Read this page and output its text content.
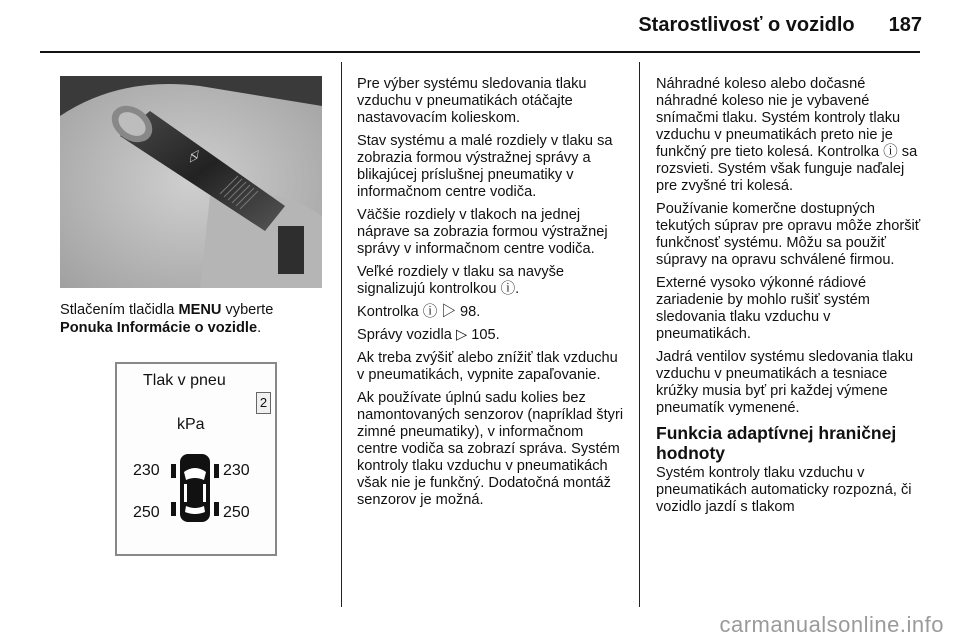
Starostlivosť o vozidlo 187
◁▷
Stlačením tlačidla MENU vyberte
Ponuka Informácie o vozidle.
Tlak v pneu
2
kPa
230	230
250	250

Pre výber systému sledovania tlaku vzduchu v pneumatikách otáčajte nastavovacím kolieskom.

Stav systému a malé rozdiely v tlaku sa zobrazia formou výstražnej správy a blikajúcej príslušnej pneumatiky v informačnom centre vodiča.

Väčšie rozdiely v tlakoch na jednej náprave sa zobrazia formou výstražnej správy v informačnom centre vodiča.

Veľké rozdiely v tlaku sa navyše signalizujú kontrolkou ⓘ.

Kontrolka ⓘ ▷ 98.

Správy vozidla ▷ 105.

Ak treba zvýšiť alebo znížiť tlak vzduchu v pneumatikách, vypnite zapaľovanie.

Ak používate úplnú sadu kolies bez namontovaných senzorov (napríklad štyri zimné pneumatiky), v informačnom centre vodiča sa zobrazí správa. Systém kontroly tlaku vzduchu v pneumatikách však nie je funkčný. Dodatočná montáž senzorov je možná.

Náhradné koleso alebo dočasné náhradné koleso nie je vybavené snímačmi tlaku. Systém kontroly tlaku vzduchu v pneumatikách preto nie je funkčný pre tieto kolesá. Kontrolka ⓘ sa rozsvieti. Systém však funguje naďalej pre zvyšné tri kolesá.

Používanie komerčne dostupných tekutých súprav pre opravu môže zhoršiť funkčnosť systému. Môžu sa použiť súpravy na opravu schválené firmou.

Externé vysoko výkonné rádiové zariadenie by mohlo rušiť systém sledovania tlaku vzduchu v pneumatikách.

Jadrá ventilov systému sledovania tlaku vzduchu v pneumatikách a tesniace krúžky musia byť pri každej výmene pneumatík vymenené.

Funkcia adaptívnej hraničnej hodnoty

Systém kontroly tlaku vzduchu v pneumatikách automaticky rozpozná, či vozidlo jazdí s tlakom

carmanualsonline.info
